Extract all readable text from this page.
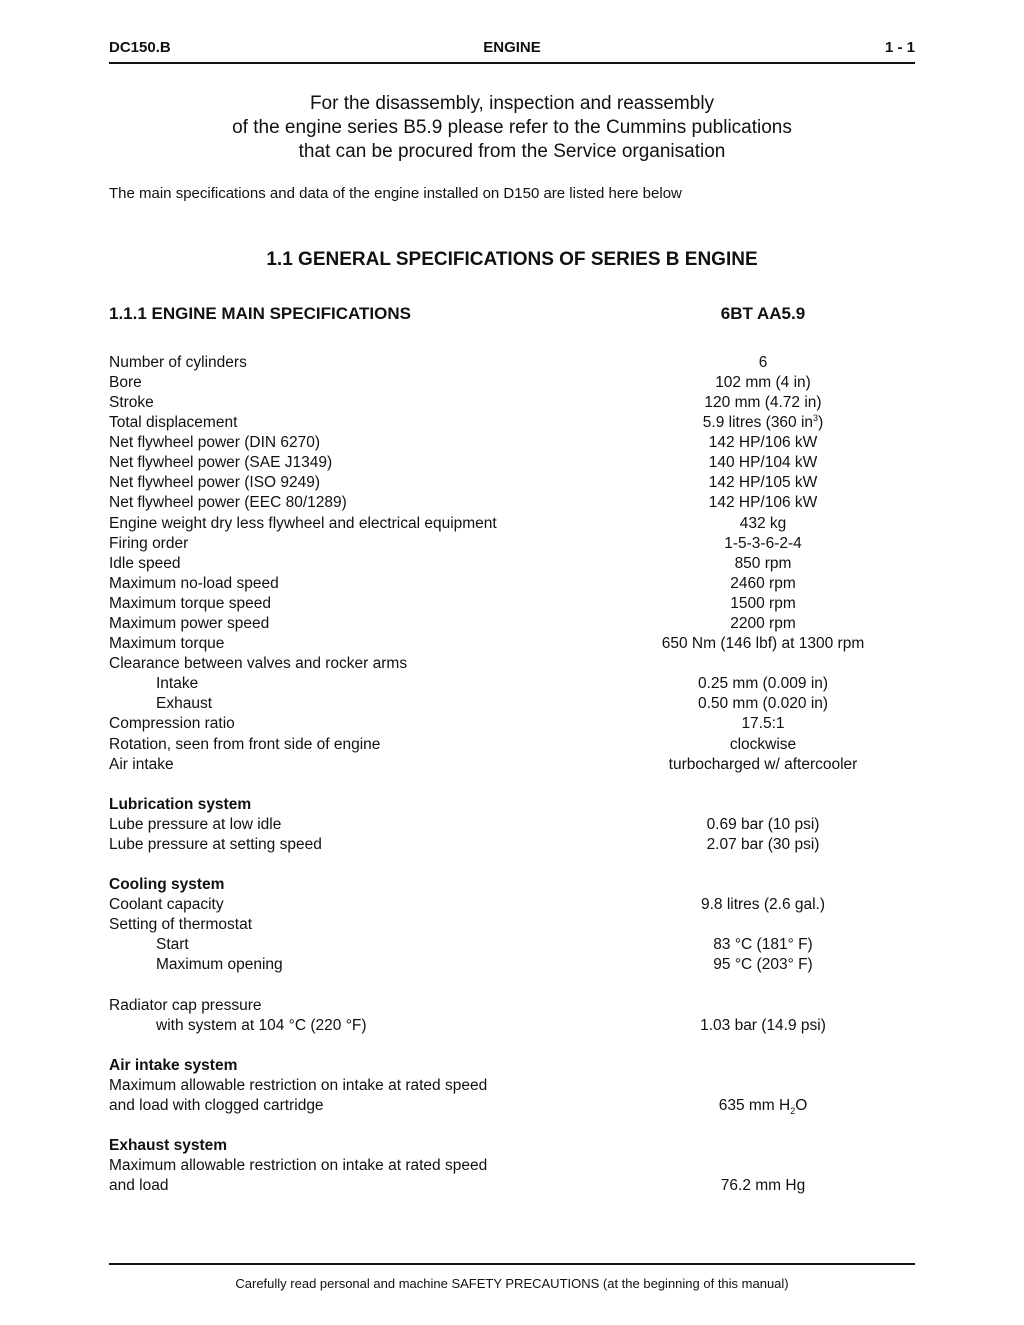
DC150.B	ENGINE	1 - 1
For the disassembly, inspection and reassembly
of the engine series B5.9 please refer to the Cummins publications
that can be procured from the Service organisation
The main specifications and data of the engine installed on D150 are listed here below
1.1 GENERAL SPECIFICATIONS OF SERIES B ENGINE
1.1.1 ENGINE MAIN SPECIFICATIONS	6BT AA5.9
Number of cylinders	6
Bore	102 mm (4 in)
Stroke	120 mm (4.72 in)
Total displacement	5.9 litres (360 $in^3$)
Net flywheel power (DIN 6270)	142 HP/106 kW
Net flywheel power (SAE J1349)	140 HP/104 kW
Net flywheel power (ISO 9249)	142 HP/105 kW
Net flywheel power (EEC 80/1289)	142 HP/106 kW
Engine weight dry less flywheel and electrical equipment	432 kg
Firing order	1-5-3-6-2-4
Idle speed	850 rpm
Maximum no-load speed	2460 rpm
Maximum torque speed	1500 rpm
Maximum power speed	2200 rpm
Maximum torque	650 Nm (146 lbf) at 1300 rpm
Clearance between valves and rocker arms
Intake	0.25 mm (0.009 in)
Exhaust	0.50 mm (0.020 in)
Compression ratio	17.5:1
Rotation, seen from front side of engine	clockwise
Air intake	turbocharged w/ aftercooler
Lubrication system
Lube pressure at low idle	0.69 bar (10 psi)
Lube pressure at setting speed	2.07 bar (30 psi)
Cooling system
Coolant capacity	9.8 litres (2.6 gal.)
Setting of thermostat
Start	83 °C (181° F)
Maximum opening	95 °C (203° F)
Radiator cap pressure
with system at 104 °C (220 °F)	1.03 bar (14.9 psi)
Air intake system
Maximum allowable restriction on intake at rated speed
and load with clogged cartridge	635 mm $H_2O$
Exhaust system
Maximum allowable restriction on intake at rated speed
and load	76.2 mm Hg
Carefully read personal and machine SAFETY PRECAUTIONS (at the beginning of this manual)
